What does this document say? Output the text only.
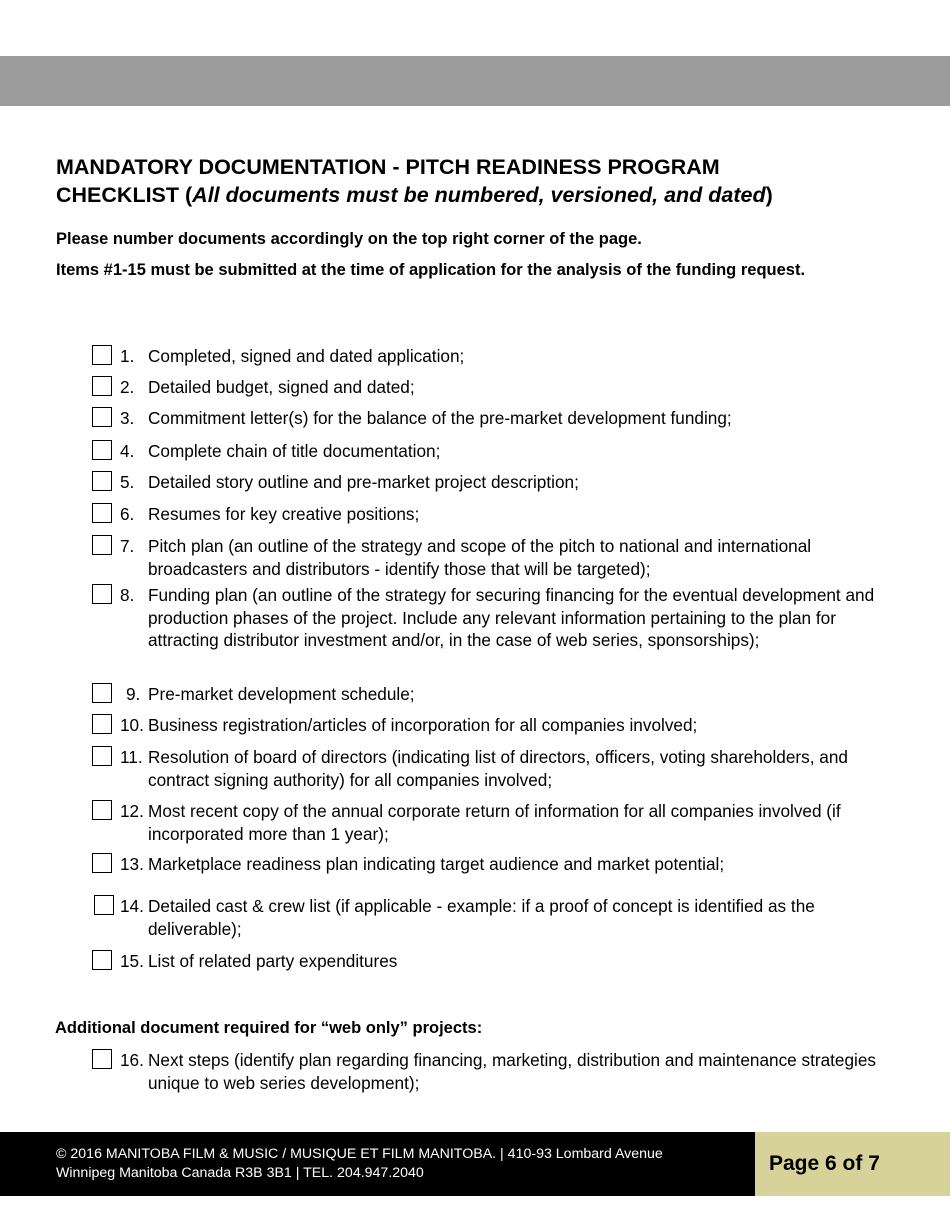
MANDATORY DOCUMENTATION - PITCH READINESS PROGRAM
CHECKLIST (All documents must be numbered, versioned, and dated)

Please number documents accordingly on the top right corner of the page.

Items #1-15 must be submitted at the time of application for the analysis of the funding request.

1. Completed, signed and dated application;
2. Detailed budget, signed and dated;
3. Commitment letter(s) for the balance of the pre-market development funding;
4. Complete chain of title documentation;
5. Detailed story outline and pre-market project description;
6. Resumes for key creative positions;
7. Pitch plan (an outline of the strategy and scope of the pitch to national and international broadcasters and distributors - identify those that will be targeted);
8. Funding plan (an outline of the strategy for securing financing for the eventual development and production phases of the project. Include any relevant information pertaining to the plan for attracting distributor investment and/or, in the case of web series, sponsorships);
9. Pre-market development schedule;
10. Business registration/articles of incorporation for all companies involved;
11. Resolution of board of directors (indicating list of directors, officers, voting shareholders, and contract signing authority) for all companies involved;
12. Most recent copy of the annual corporate return of information for all companies involved (if incorporated more than 1 year);
13. Marketplace readiness plan indicating target audience and market potential;
14. Detailed cast & crew list (if applicable - example: if a proof of concept is identified as the deliverable);
15. List of related party expenditures
Additional document required for “web only” projects:
16. Next steps (identify plan regarding financing, marketing, distribution and maintenance strategies unique to web series development);
© 2016 MANITOBA FILM & MUSIC / MUSIQUE ET FILM MANITOBA. | 410-93 Lombard Avenue
Winnipeg Manitoba Canada R3B 3B1 | TEL. 204.947.2040	Page 6 of 7
